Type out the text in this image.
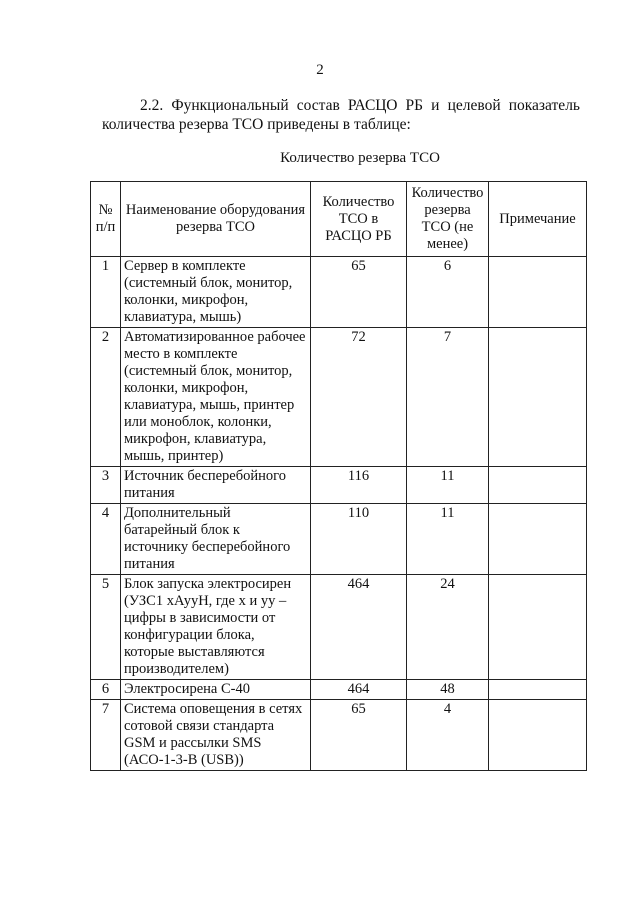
2

2.2. Функциональный состав РАСЦО РБ и целевой показатель количества резерва ТСО приведены в таблице:

Количество резерва ТСО
№ п/п	Наименование оборудования резерва ТСО	Количество ТСО в РАСЦО РБ	Количество резерва ТСО (не менее)	Примечание
1	Сервер в комплекте (системный блок, монитор, колонки, микрофон, клавиатура, мышь)	65	6	
2	Автоматизированное рабочее место в комплекте (системный блок, монитор, колонки, микрофон, клавиатура, мышь, принтер или моноблок, колонки, микрофон, клавиатура, мышь, принтер)	72	7	
3	Источник бесперебойного питания	116	11	
4	Дополнительный батарейный блок к источнику бесперебойного питания	110	11	
5	Блок запуска электросирен (УЗС1 хАууН, где х и уу – цифры в зависимости от конфигурации блока, которые выставляются производителем)	464	24	
6	Электросирена С-40	464	48	
7	Система оповещения в сетях сотовой связи стандарта GSM и рассылки SMS (АСО-1-3-В (USB))	65	4	
